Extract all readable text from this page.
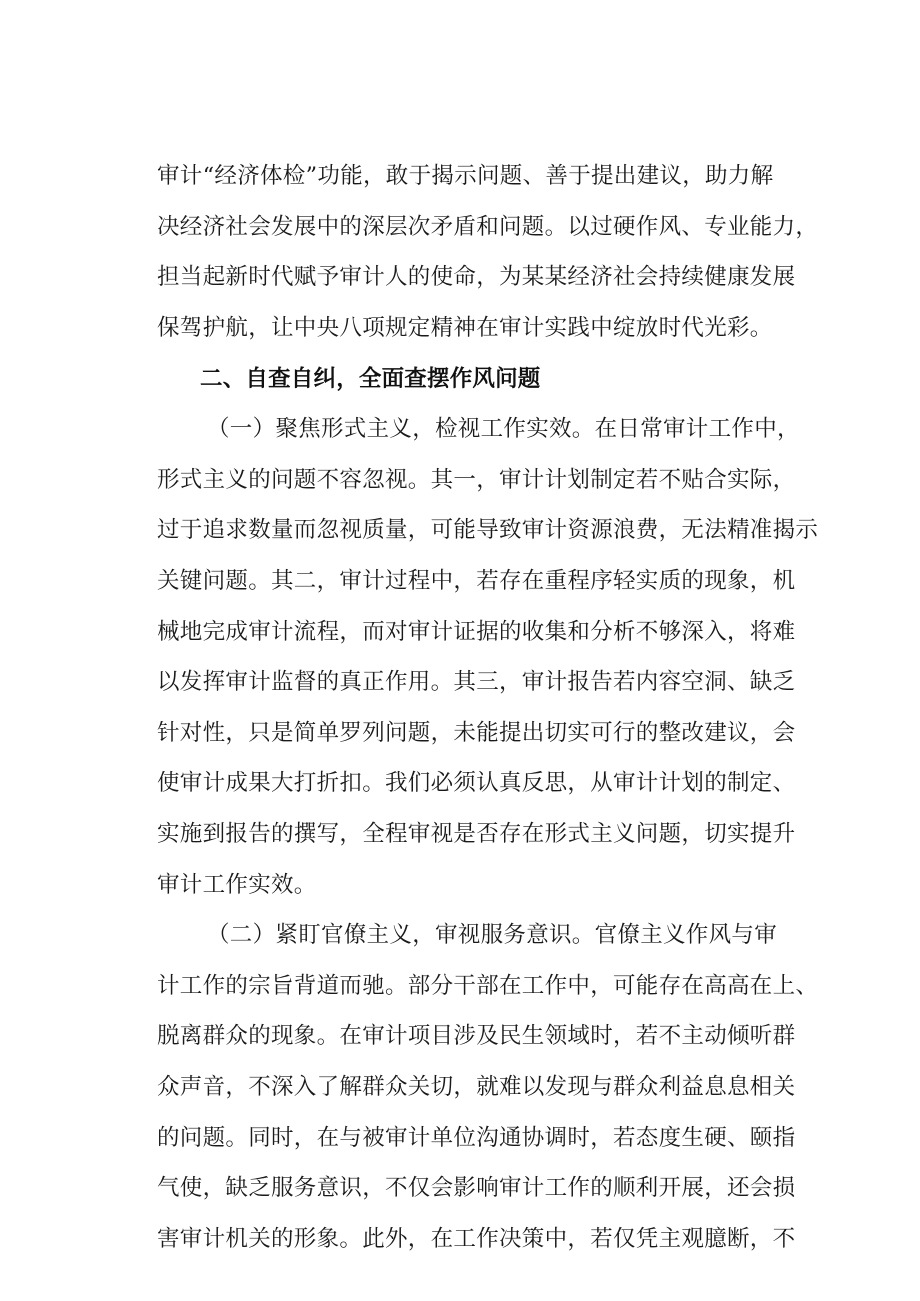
审计“经济体检”功能，敢于揭示问题、善于提出建议，助力解
决经济社会发展中的深层次矛盾和问题。以过硬作风、专业能力，
担当起新时代赋予审计人的使命，为某某经济社会持续健康发展
保驾护航，让中央八项规定精神在审计实践中绽放时代光彩。
二、自查自纠，全面查摆作风问题
（一）聚焦形式主义，检视工作实效。在日常审计工作中，
形式主义的问题不容忽视。其一，审计计划制定若不贴合实际，
过于追求数量而忽视质量，可能导致审计资源浪费，无法精准揭示
关键问题。其二，审计过程中，若存在重程序轻实质的现象，机
械地完成审计流程，而对审计证据的收集和分析不够深入，将难
以发挥审计监督的真正作用。其三，审计报告若内容空洞、缺乏
针对性，只是简单罗列问题，未能提出切实可行的整改建议，会
使审计成果大打折扣。我们必须认真反思，从审计计划的制定、
实施到报告的撰写，全程审视是否存在形式主义问题，切实提升
审计工作实效。
（二）紧盯官僚主义，审视服务意识。官僚主义作风与审
计工作的宗旨背道而驰。部分干部在工作中，可能存在高高在上、
脱离群众的现象。在审计项目涉及民生领域时，若不主动倾听群
众声音，不深入了解群众关切，就难以发现与群众利益息息相关
的问题。同时，在与被审计单位沟通协调时，若态度生硬、颐指
气使，缺乏服务意识，不仅会影响审计工作的顺利开展，还会损
害审计机关的形象。此外，在工作决策中，若仅凭主观臆断，不
